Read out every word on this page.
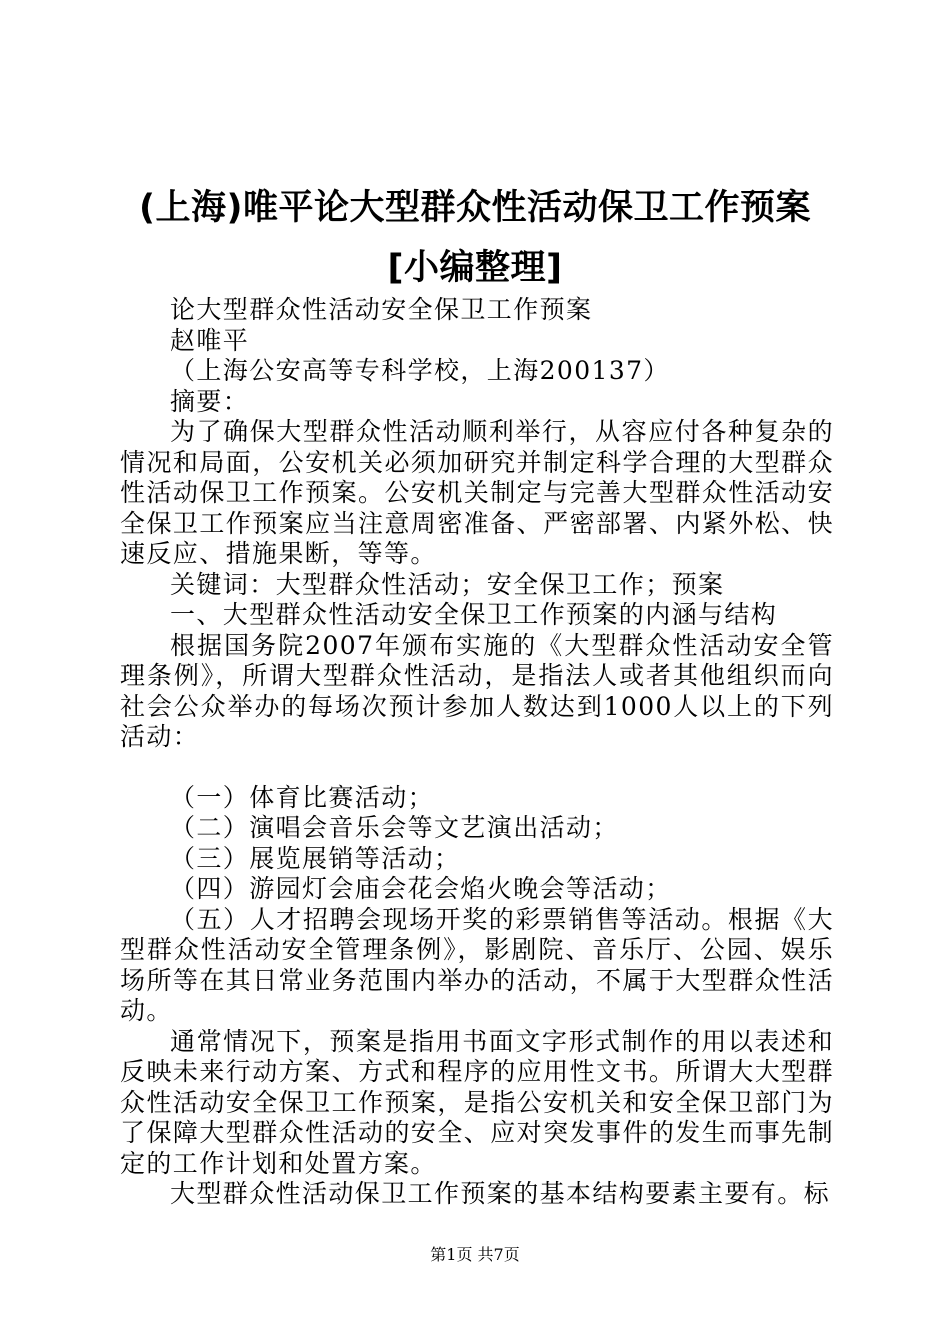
(上海)唯平论大型群众性活动保卫工作预案
[小编整理]

论大型群众性活动安全保卫工作预案

赵唯平

（上海公安高等专科学校，上海200137）

摘要：

为了确保大型群众性活动顺利举行，从容应付各种复杂的情况和局面，公安机关必须加研究并制定科学合理的大型群众性活动保卫工作预案。公安机关制定与完善大型群众性活动安全保卫工作预案应当注意周密准备、严密部署、内紧外松、快速反应、措施果断，等等。

关键词：大型群众性活动；安全保卫工作；预案

一、大型群众性活动安全保卫工作预案的内涵与结构

根据国务院2007年颁布实施的《大型群众性活动安全管理条例》，所谓大型群众性活动，是指法人或者其他组织而向社会公众举办的每场次预计参加人数达到1000人以上的下列活动：

（一）体育比赛活动；

（二）演唱会音乐会等文艺演出活动；

（三）展览展销等活动；

（四）游园灯会庙会花会焰火晚会等活动；

（五）人才招聘会现场开奖的彩票销售等活动。根据《大型群众性活动安全管理条例》，影剧院、音乐厅、公园、娱乐场所等在其日常业务范围内举办的活动，不属于大型群众性活动。

通常情况下，预案是指用书面文字形式制作的用以表述和反映未来行动方案、方式和程序的应用性文书。所谓大大型群众性活动安全保卫工作预案，是指公安机关和安全保卫部门为了保障大型群众性活动的安全、应对突发事件的发生而事先制定的工作计划和处置方案。

大型群众性活动保卫工作预案的基本结构要素主要有。标

第1页 共7页
